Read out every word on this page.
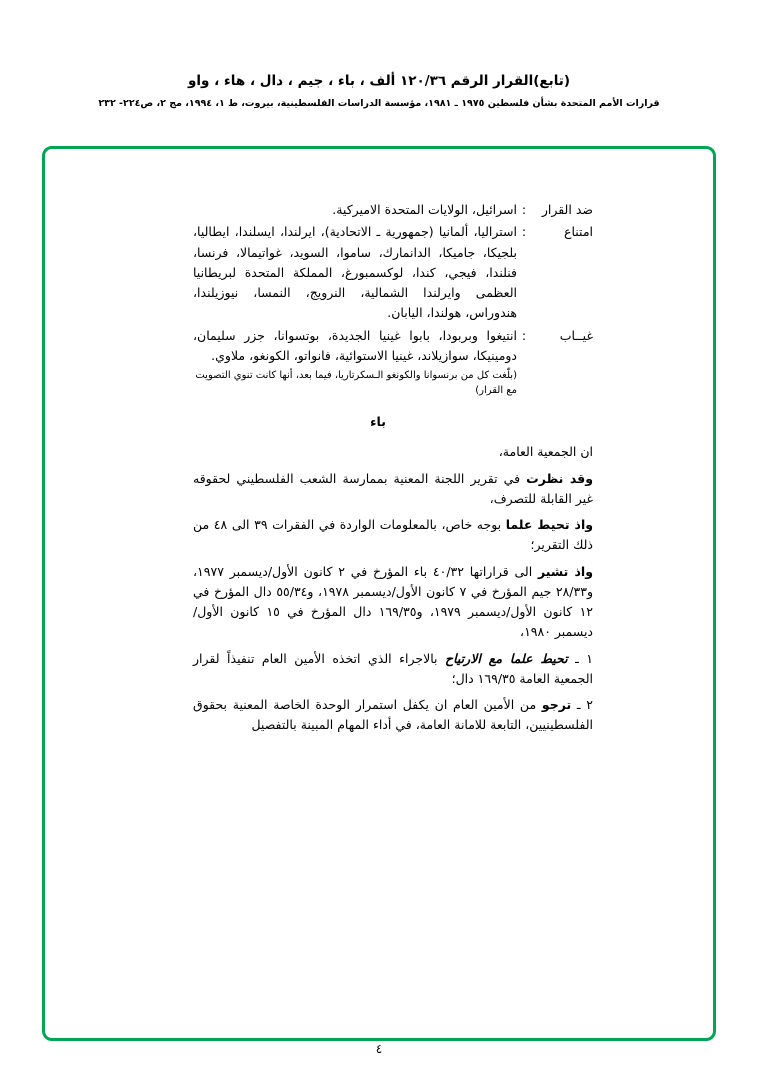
(تابع)القرار الرقم ١٢٠/٣٦ ألف ، باء ، جيم ، دال ، هاء ، واو
قرارات الأمم المتحدة بشأن فلسطين ١٩٧٥ ـ ١٩٨١، مؤسسة الدراسات الفلسطينية، بيروت، ط ١، ١٩٩٤، مج ٢، ص٢٢٤- ٢٣٢
ضد القرار
:
اسرائيل، الولايات المتحدة الاميركية.
امتناع
:
استراليا، ألمانيا (جمهورية ـ الاتحادية)، ايرلندا، ايسلندا، ايطاليا، بلجيكا، جاميكا، الدانمارك، ساموا، السويد، غواتيمالا، فرنسا، فنلندا، فيجي، كندا، لوكسمبورغ، المملكة المتحدة لبريطانيا العظمى وايرلندا الشمالية، النرويج، النمسا، نيوزيلندا، هندوراس، هولندا، اليابان.
غيــاب
:
انتيغوا وبربودا، بابوا غينيا الجديدة، بوتسوانا، جزر سليمان، دومينيكا، سوازيلاند، غينيا الاستوائية، فانواتو، الكونغو، ملاوي.
(بلّغت كل من برنسوانا والكونغو الـسكرتاريا، فيما بعد، أنها كانت تنوي التصويت مع القرار)
باء
ان الجمعية العامة،
وقد نظرت في تقرير اللجنة المعنية بممارسة الشعب الفلسطيني لحقوقه غير القابلة للتصرف،
واذ تحيط علما بوجه خاص، بالمعلومات الواردة في الفقرات ٣٩ الى ٤٨ من ذلك التقرير؛
واذ تشير الى قراراتها ٤٠/٣٢ باء المؤرخ في ٢ كانون الأول/ديسمبر ١٩٧٧، و٢٨/٣٣ جيم المؤرخ في ٧ كانون الأول/ديسمبر ١٩٧٨، و٥٥/٣٤ دال المؤرخ في ١٢ كانون الأول/ديسمبر ١٩٧٩، و١٦٩/٣٥ دال المؤرخ في ١٥ كانون الأول/ديسمبر ١٩٨٠،
١ ـ تحيط علما مع الارتياح بالاجراء الذي اتخذه الأمين العام تنفيذاً لقرار الجمعية العامة ١٦٩/٣٥ دال؛
٢ ـ ترجو من الأمين العام ان يكفل استمرار الوحدة الخاصة المعنية بحقوق الفلسطينيين، التابعة للامانة العامة، في أداء المهام المبينة بالتفصيل
٤
